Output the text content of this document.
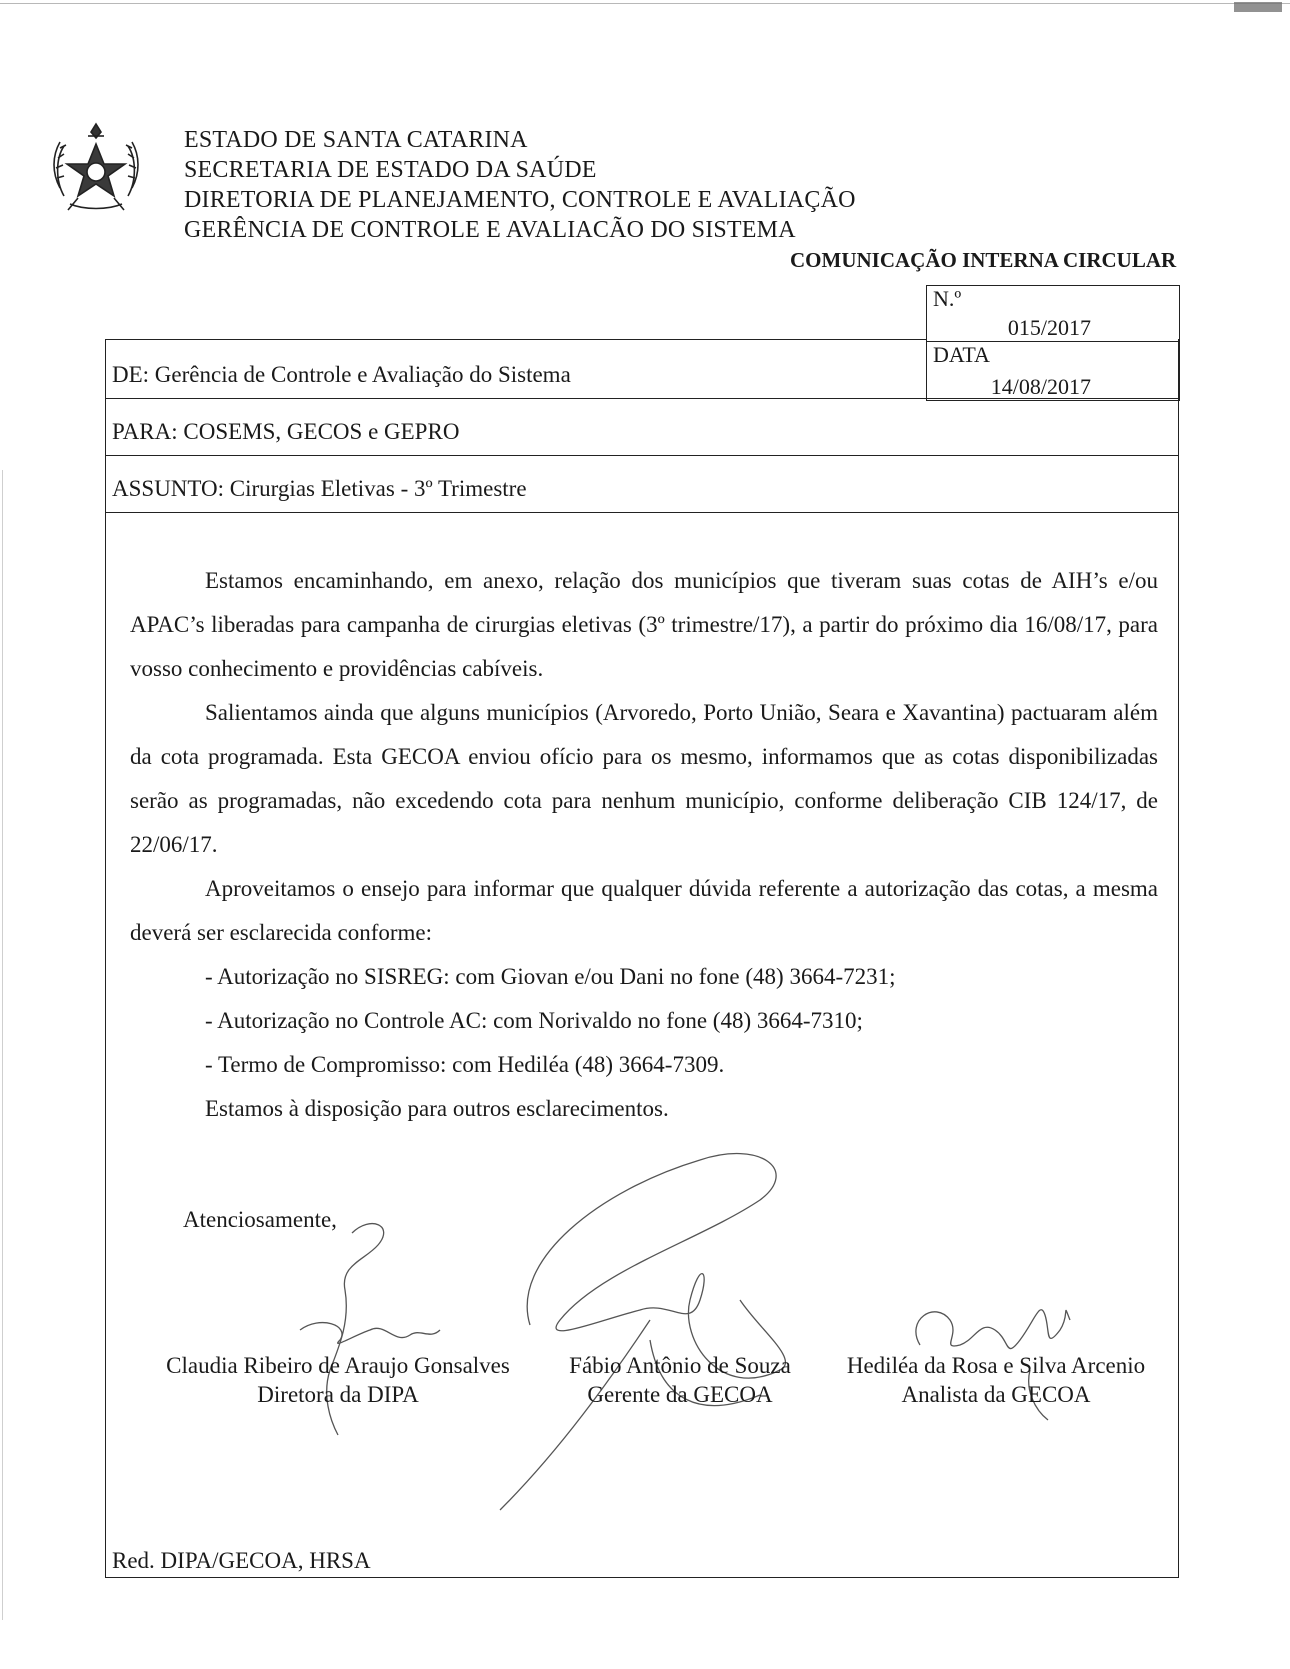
ESTADO DE SANTA CATARINA
SECRETARIA DE ESTADO DA SAÚDE
DIRETORIA DE PLANEJAMENTO, CONTROLE E AVALIAÇÃO
GERÊNCIA DE CONTROLE E AVALIACÃO DO SISTEMA
COMUNICAÇÃO INTERNA CIRCULAR
N.º
015/2017
DATA
14/08/2017
DE: Gerência de Controle e Avaliação do Sistema
PARA: COSEMS, GECOS e GEPRO
ASSUNTO: Cirurgias Eletivas - 3º Trimestre

Estamos encaminhando, em anexo, relação dos municípios que tiveram suas cotas de AIH’s e/ou APAC’s liberadas para campanha de cirurgias eletivas (3º trimestre/17), a partir do próximo dia 16/08/17, para vosso conhecimento e providências cabíveis.

Salientamos ainda que alguns municípios (Arvoredo, Porto União, Seara e Xavantina) pactuaram além da cota programada. Esta GECOA enviou ofício para os mesmo, informamos que as cotas disponibilizadas serão as programadas, não excedendo cota para nenhum município, conforme deliberação CIB 124/17, de 22/06/17.

Aproveitamos o ensejo para informar que qualquer dúvida referente a autorização das cotas, a mesma deverá ser esclarecida conforme:

- Autorização no SISREG: com Giovan e/ou Dani no fone (48) 3664-7231;

- Autorização no Controle AC: com Norivaldo no fone (48) 3664-7310;

- Termo de Compromisso: com Hediléa (48) 3664-7309.

Estamos à disposição para outros esclarecimentos.

Atenciosamente,
Claudia Ribeiro de Araujo Gonsalves
Diretora da DIPA
Fábio Antônio de Souza
Gerente da GECOA
Hediléa da Rosa e Silva Arcenio
Analista da GECOA
Red. DIPA/GECOA, HRSA
